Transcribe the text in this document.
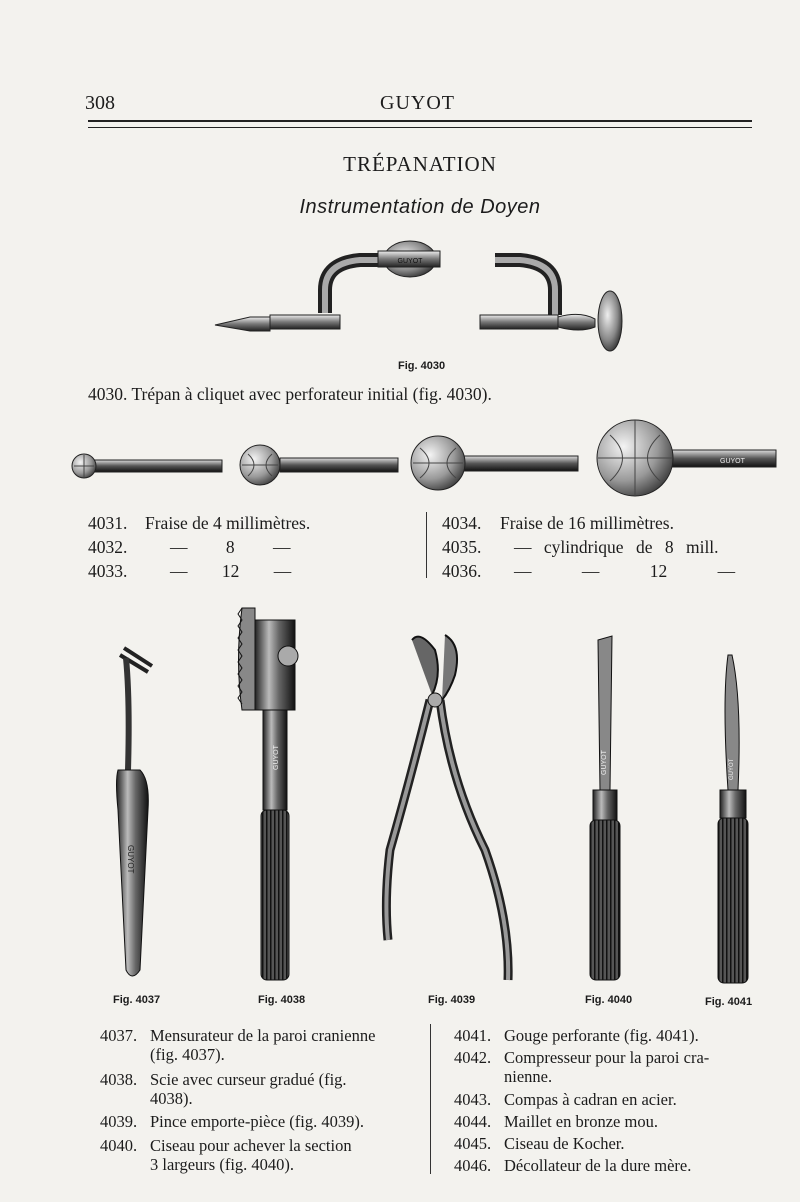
308	GUYOT
TRÉPANATION
Instrumentation de Doyen
GUYOT
Fig. 4030
4030. Trépan à cliquet avec perforateur initial (fig. 4030).
GUYOT
4031. Fraise de 4 millimètres.
4032. — 8 —
4033. — 12 —
4034. Fraise de 16 millimètres.
4035. — cylindrique de 8 mill.
4036. — — 12 —
GUYOT
GUYOT	GUYOT	GUYOT
Fig. 4037	Fig. 4038	Fig. 4039	Fig. 4040	Fig. 4041
4037. Mensurateur de la paroi cranienne
(fig. 4037).
4038. Scie avec curseur gradué (fig.
4038).
4039. Pince emporte-pièce (fig. 4039).
4040. Ciseau pour achever la section
3 largeurs (fig. 4040).
4041. Gouge perforante (fig. 4041).
4042. Compresseur pour la paroi cra-
nienne.
4043. Compas à cadran en acier.
4044. Maillet en bronze mou.
4045. Ciseau de Kocher.
4046. Décollateur de la dure mère.
